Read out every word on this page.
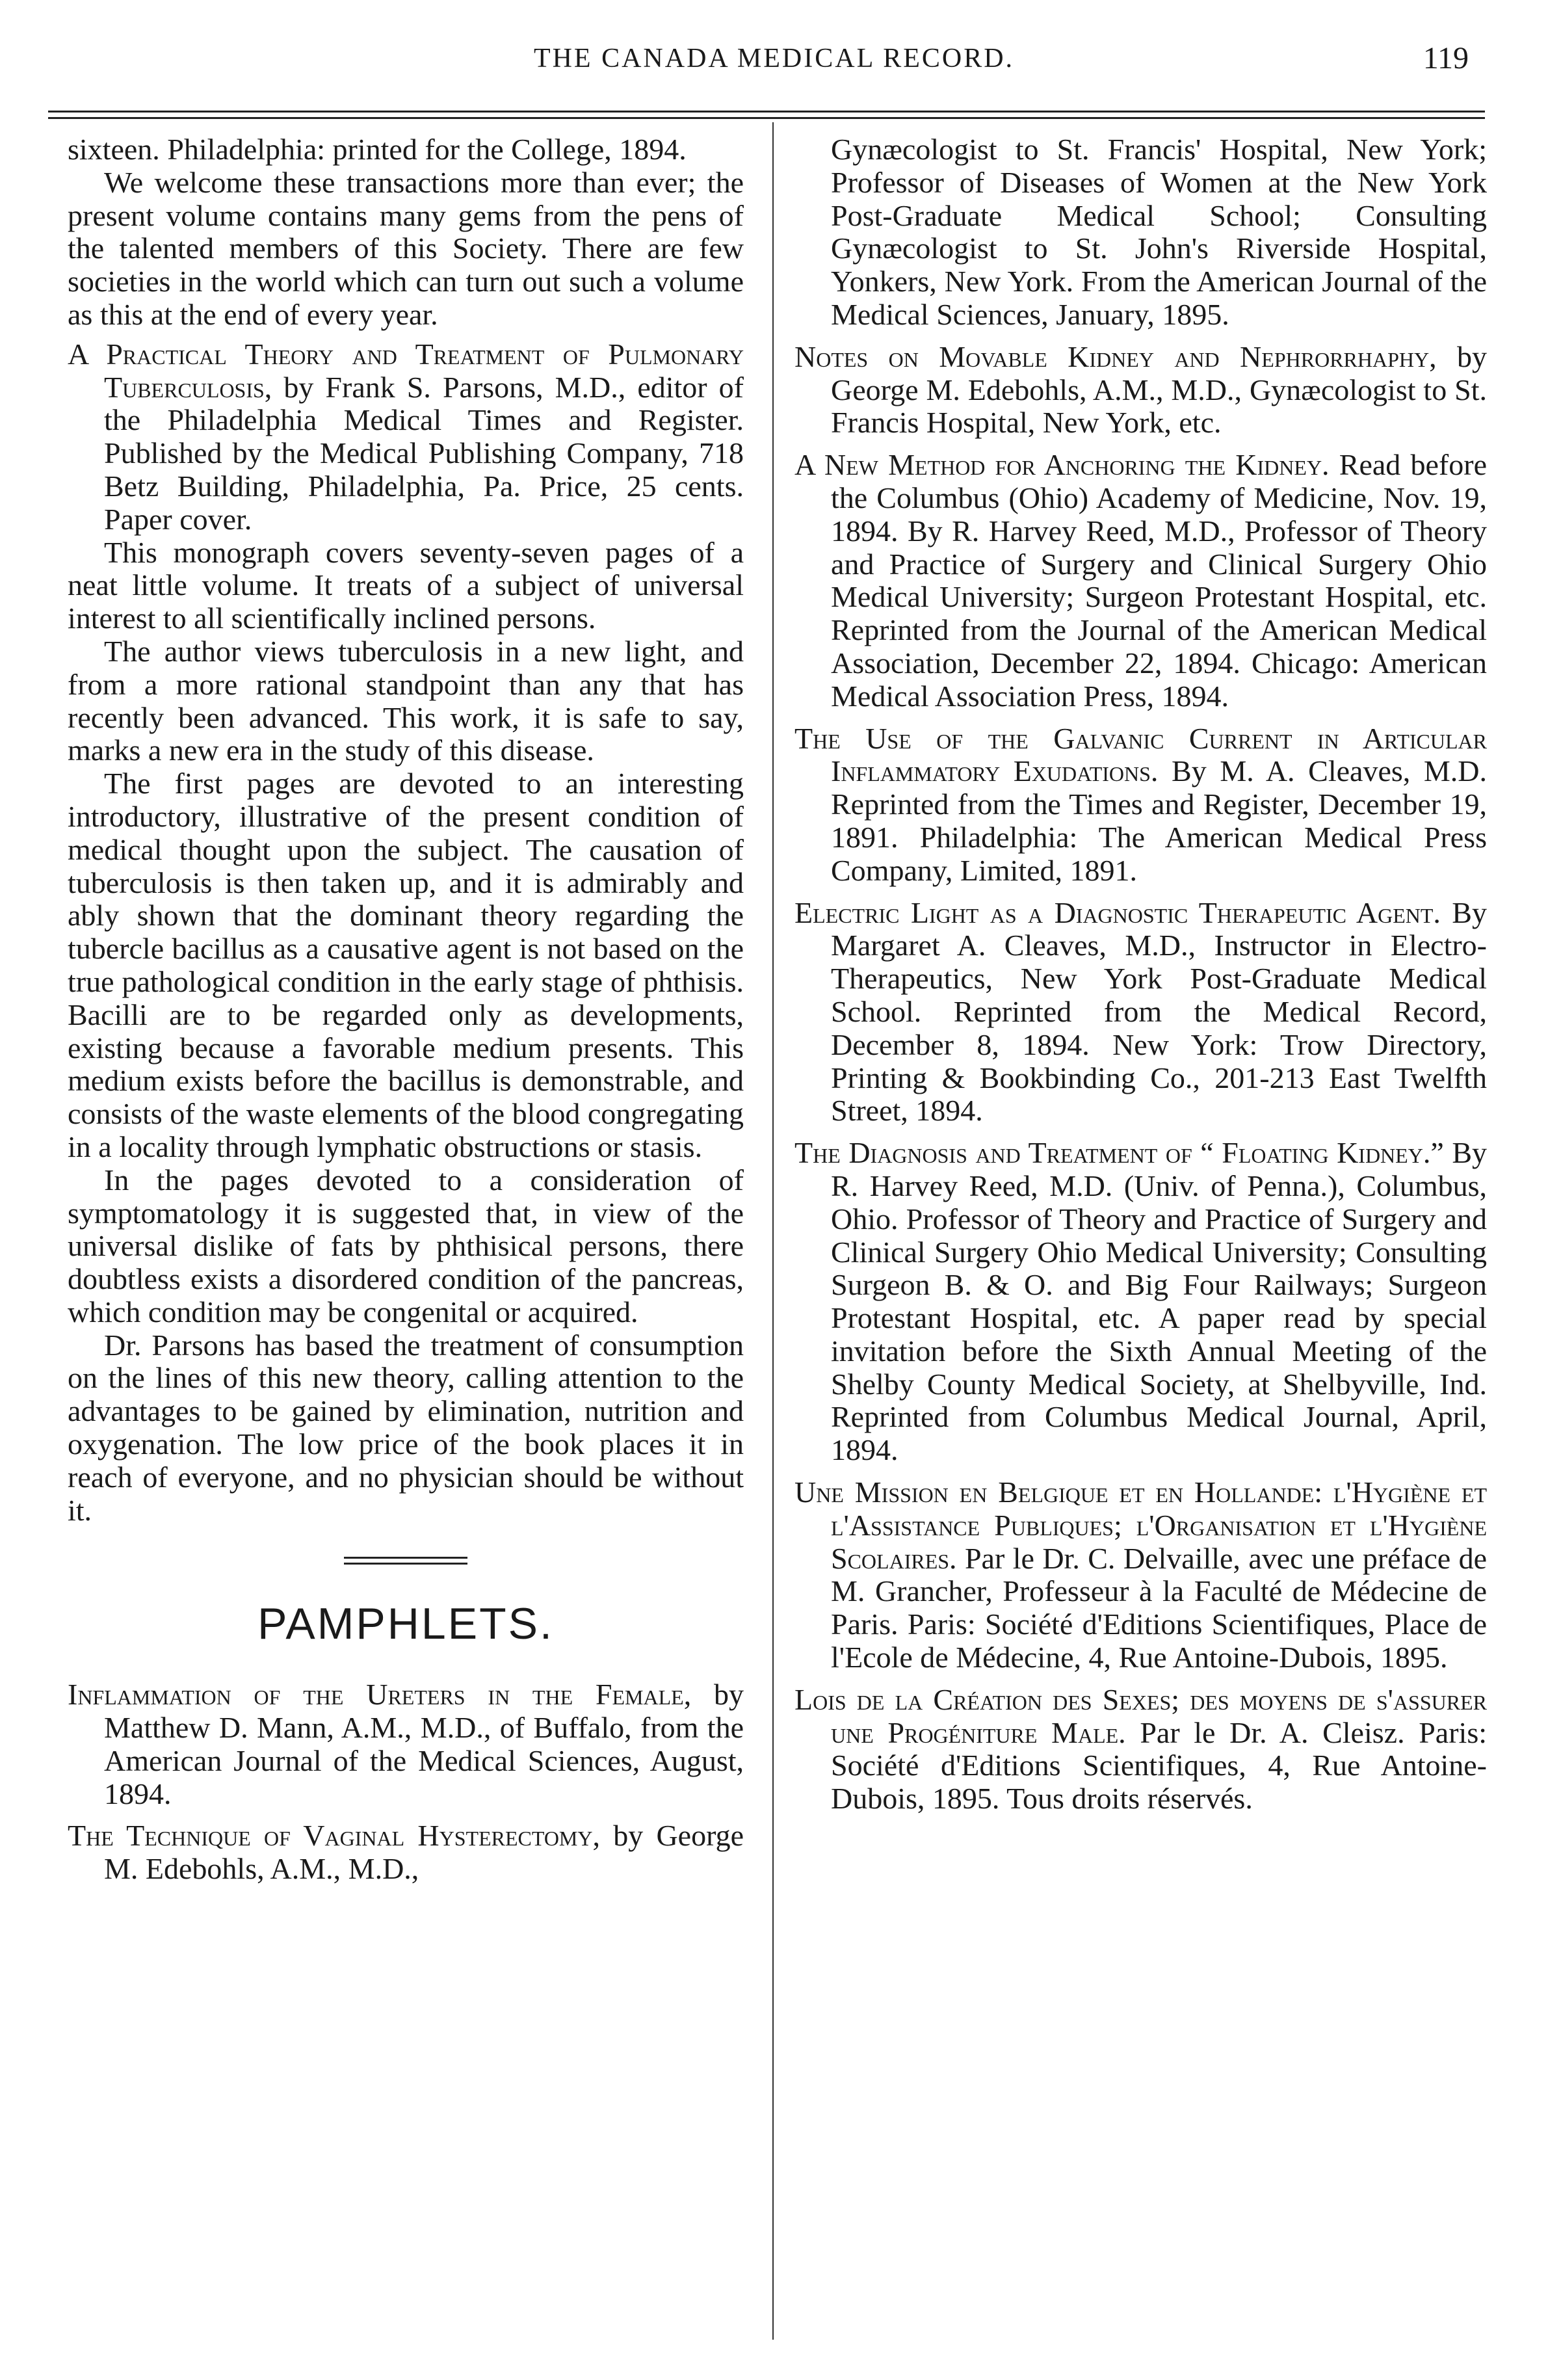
THE CANADA MEDICAL RECORD.	119

sixteen. Philadelphia: printed for the College, 1894.

We welcome these transactions more than ever; the present volume contains many gems from the pens of the talented members of this Society. There are few societies in the world which can turn out such a volume as this at the end of every year.

A Practical Theory and Treatment of Pulmonary Tuberculosis, by Frank S. Parsons, M.D., editor of the Philadelphia Medical Times and Register. Published by the Medical Publishing Company, 718 Betz Building, Philadelphia, Pa. Price, 25 cents. Paper cover.

This monograph covers seventy-seven pages of a neat little volume. It treats of a subject of universal interest to all scientifically inclined persons.

The author views tuberculosis in a new light, and from a more rational standpoint than any that has recently been advanced. This work, it is safe to say, marks a new era in the study of this disease.

The first pages are devoted to an interesting introductory, illustrative of the present condition of medical thought upon the subject. The causation of tuberculosis is then taken up, and it is admirably and ably shown that the dominant theory regarding the tubercle bacillus as a causative agent is not based on the true pathological condition in the early stage of phthisis. Bacilli are to be regarded only as developments, existing because a favorable medium presents. This medium exists before the bacillus is demonstrable, and consists of the waste elements of the blood congregating in a locality through lymphatic obstructions or stasis.

In the pages devoted to a consideration of symptomatology it is suggested that, in view of the universal dislike of fats by phthisical persons, there doubtless exists a disordered condition of the pancreas, which condition may be congenital or acquired.

Dr. Parsons has based the treatment of consumption on the lines of this new theory, calling attention to the advantages to be gained by elimination, nutrition and oxygenation. The low price of the book places it in reach of everyone, and no physician should be without it.

PAMPHLETS.

Inflammation of the Ureters in the Female, by Matthew D. Mann, A.M., M.D., of Buffalo, from the American Journal of the Medical Sciences, August, 1894.

The Technique of Vaginal Hysterectomy, by George M. Edebohls, A.M., M.D.,

Gynæcologist to St. Francis' Hospital, New York; Professor of Diseases of Women at the New York Post-Graduate Medical School; Consulting Gynæcologist to St. John's Riverside Hospital, Yonkers, New York. From the American Journal of the Medical Sciences, January, 1895.

Notes on Movable Kidney and Nephrorrhaphy, by George M. Edebohls, A.M., M.D., Gynæcologist to St. Francis Hospital, New York, etc.

A New Method for Anchoring the Kidney. Read before the Columbus (Ohio) Academy of Medicine, Nov. 19, 1894. By R. Harvey Reed, M.D., Professor of Theory and Practice of Surgery and Clinical Surgery Ohio Medical University; Surgeon Protestant Hospital, etc. Reprinted from the Journal of the American Medical Association, December 22, 1894. Chicago: American Medical Association Press, 1894.

The Use of the Galvanic Current in Articular Inflammatory Exudations. By M. A. Cleaves, M.D. Reprinted from the Times and Register, December 19, 1891. Philadelphia: The American Medical Press Company, Limited, 1891.

Electric Light as a Diagnostic Therapeutic Agent. By Margaret A. Cleaves, M.D., Instructor in Electro-Therapeutics, New York Post-Graduate Medical School. Reprinted from the Medical Record, December 8, 1894. New York: Trow Directory, Printing & Bookbinding Co., 201-213 East Twelfth Street, 1894.

The Diagnosis and Treatment of “ Floating Kidney.” By R. Harvey Reed, M.D. (Univ. of Penna.), Columbus, Ohio. Professor of Theory and Practice of Surgery and Clinical Surgery Ohio Medical University; Consulting Surgeon B. & O. and Big Four Railways; Surgeon Protestant Hospital, etc. A paper read by special invitation before the Sixth Annual Meeting of the Shelby County Medical Society, at Shelbyville, Ind. Reprinted from Columbus Medical Journal, April, 1894.

Une Mission en Belgique et en Hollande: l'Hygiène et l'Assistance Publiques; l'Organisation et l'Hygiène Scolaires. Par le Dr. C. Delvaille, avec une préface de M. Grancher, Professeur à la Faculté de Médecine de Paris. Paris: Société d'Editions Scientifiques, Place de l'Ecole de Médecine, 4, Rue Antoine-Dubois, 1895.

Lois de la Création des Sexes; des moyens de s'assurer une Progéniture Male. Par le Dr. A. Cleisz. Paris: Société d'Editions Scientifiques, 4, Rue Antoine-Dubois, 1895. Tous droits réservés.
